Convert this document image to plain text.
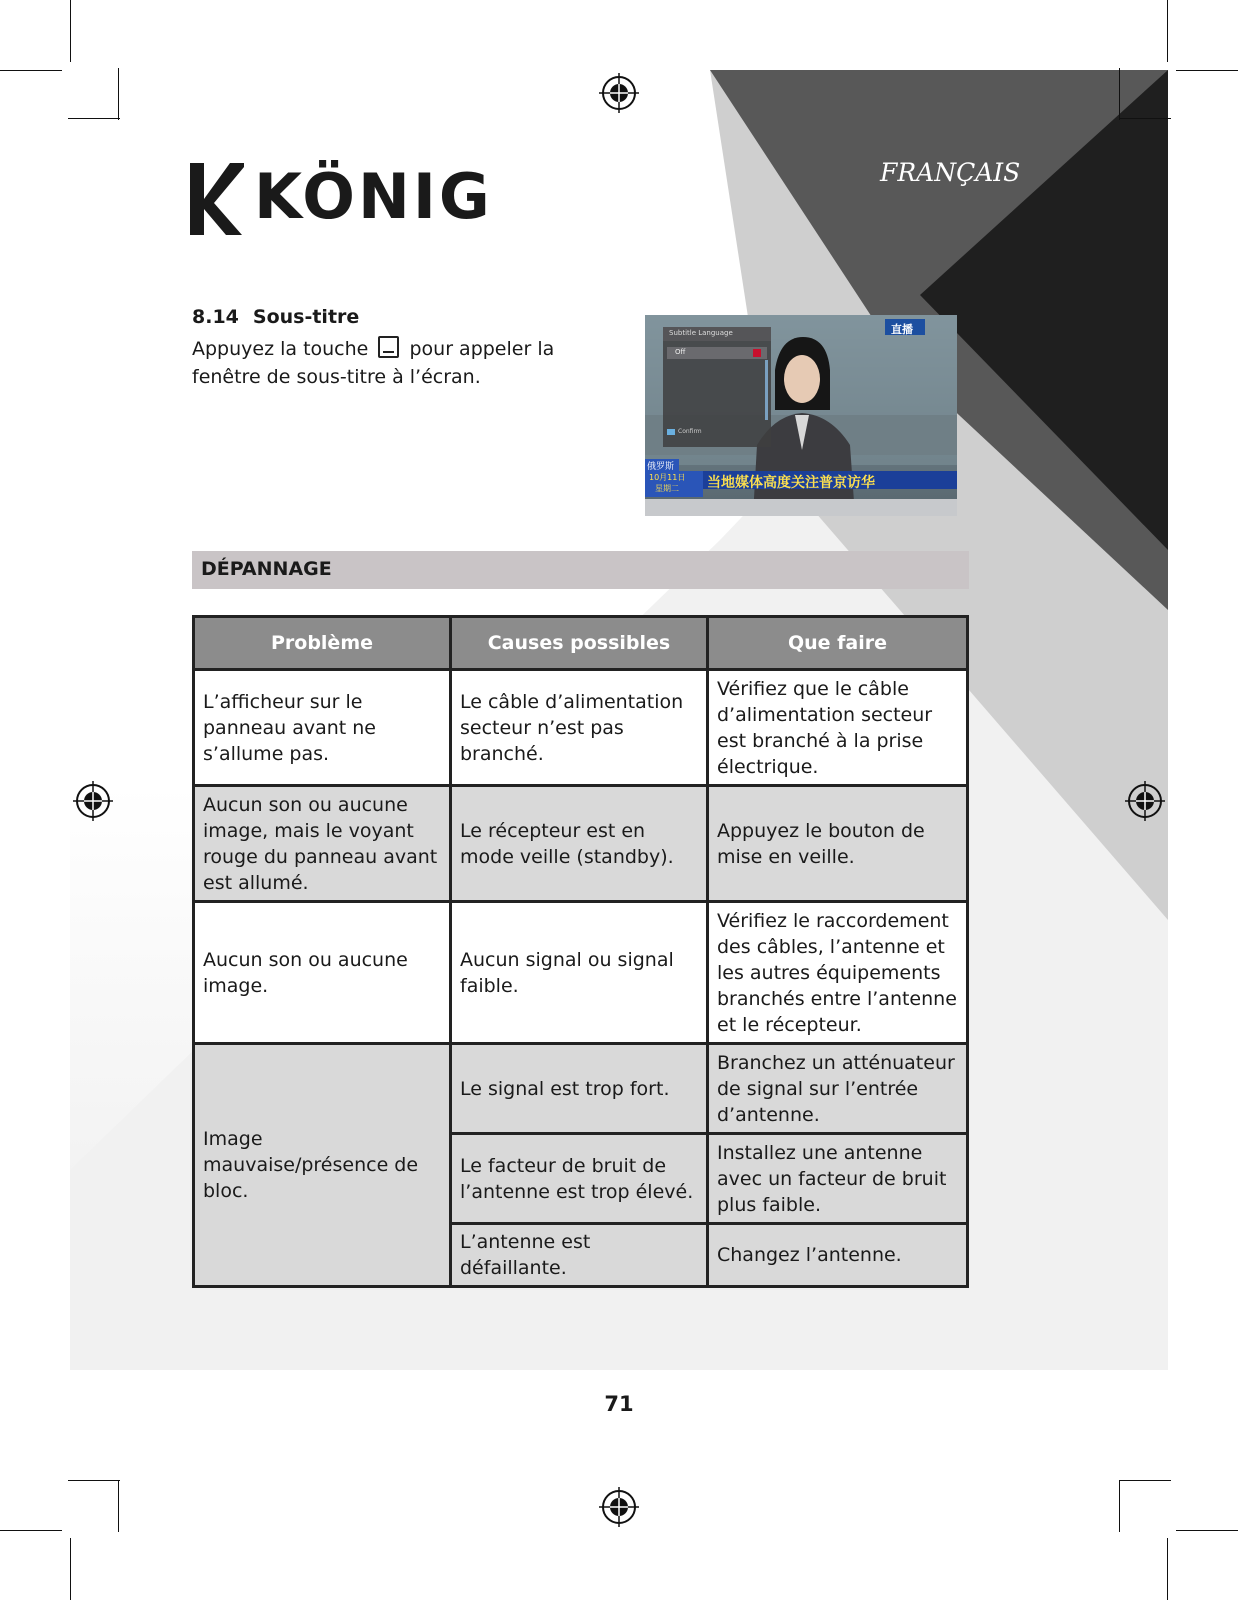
KÖNIG	FRANÇAIS
8.14 Sous-titre
Appuyez la touche pour appeler la fenêtre de sous-titre à l’écran.
Subtitle Language
Off
Confirm
直播
俄罗斯
10月11日
星期二 当地媒体高度关注普京访华
DÉPANNAGE
Problème	Causes possibles	Que faire
L’afficheur sur le panneau avant ne s’allume pas.	Le câble d’alimentation secteur n’est pas branché.	Vérifiez que le câble d’alimentation secteur est branché à la prise électrique.
Aucun son ou aucune image, mais le voyant rouge du panneau avant est allumé.	Le récepteur est en mode veille (standby).	Appuyez le bouton de mise en veille.
Aucun son ou aucune image.	Aucun signal ou signal faible.	Vérifiez le raccordement des câbles, l’antenne et les autres équipements branchés entre l’antenne et le récepteur.
Image mauvaise/présence de bloc.	Le signal est trop fort.	Branchez un atténuateur de signal sur l’entrée d’antenne.
	Le facteur de bruit de l’antenne est trop élevé.	Installez une antenne avec un facteur de bruit plus faible.
	L’antenne est défaillante.	Changez l’antenne.
71
